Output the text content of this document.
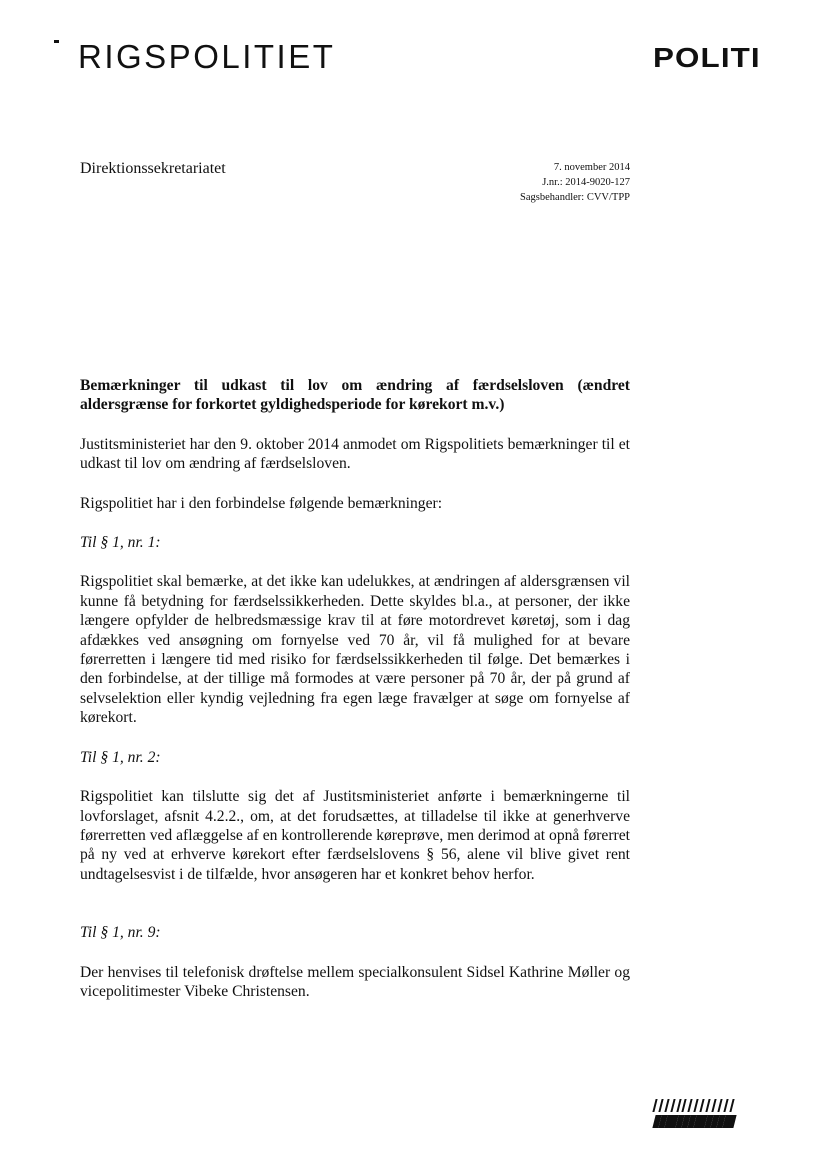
RIGSPOLITIET	POLITI
Direktionssekretariatet	7. november 2014
J.nr.: 2014-9020-127
Sagsbehandler: CVV/TPP

Bemærkninger til udkast til lov om ændring af færdselsloven (ændret aldersgrænse for forkortet gyldighedsperiode for kørekort m.v.)

Justitsministeriet har den 9. oktober 2014 anmodet om Rigspolitiets bemærkninger til et udkast til lov om ændring af færdselsloven.

Rigspolitiet har i den forbindelse følgende bemærkninger:

Til § 1, nr. 1:

Rigspolitiet skal bemærke, at det ikke kan udelukkes, at ændringen af aldersgrænsen vil kunne få betydning for færdselssikkerheden. Dette skyldes bl.a., at personer, der ikke længere opfylder de helbredsmæssige krav til at føre motordrevet køretøj, som i dag afdækkes ved ansøgning om fornyelse ved 70 år, vil få mulighed for at bevare førerretten i længere tid med risiko for færdselssikkerheden til følge. Det bemærkes i den forbindelse, at der tillige må formodes at være personer på 70 år, der på grund af selvselektion eller kyndig vejledning fra egen læge fravælger at søge om fornyelse af kørekort.

Til § 1, nr. 2:

Rigspolitiet kan tilslutte sig det af Justitsministeriet anførte i bemærkningerne til lovforslaget, afsnit 4.2.2., om, at det forudsættes, at tilladelse til ikke at generhverve førerretten ved aflæggelse af en kontrollerende køreprøve, men derimod at opnå førerret på ny ved at erhverve kørekort efter færdselslovens § 56, alene vil blive givet rent undtagelsesvist i de tilfælde, hvor ansøgeren har et konkret behov herfor.

Til § 1, nr. 9:

Der henvises til telefonisk drøftelse mellem specialkonsulent Sidsel Kathrine Møller og vicepolitimester Vibeke Christensen.
